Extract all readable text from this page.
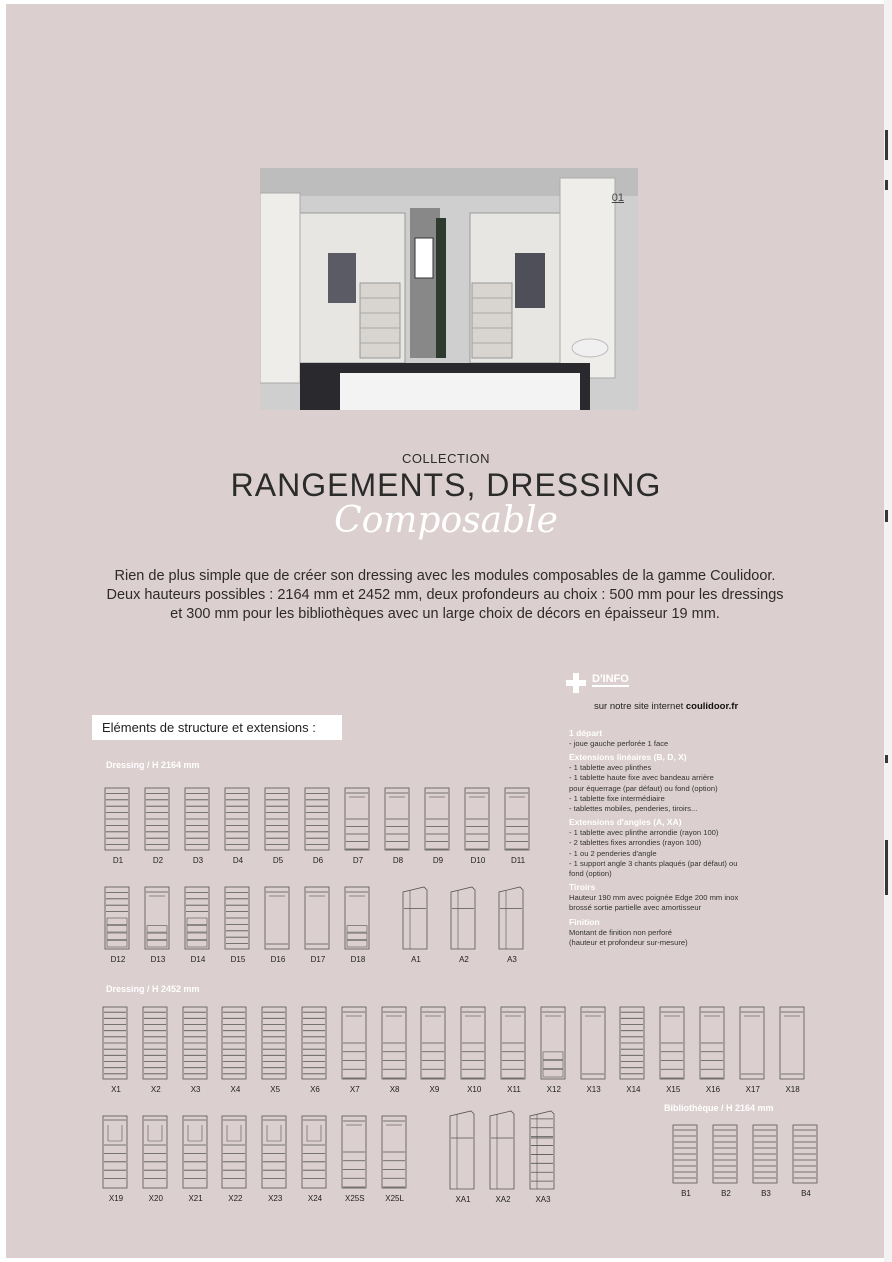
01
COLLECTION
RANGEMENTS, DRESSING
Composable

Rien de plus simple que de créer son dressing avec les modules composables de la gamme Coulidoor.

Deux hauteurs possibles : 2164 mm et 2452 mm, deux profondeurs au choix : 500 mm pour les dressings

et 300 mm pour les bibliothèques avec un large choix de décors en épaisseur 19 mm.

D'INFO
sur notre site internet coulidoor.fr
1 départ
- joue gauche perforée 1 face
Extensions linéaires (B, D, X)
- 1 tablette avec plinthes
- 1 tablette haute fixe avec bandeau arrière
pour équerrage (par défaut) ou fond (option)
- 1 tablette fixe intermédiaire
- tablettes mobiles, penderies, tiroirs...
Extensions d'angles (A, XA)
- 1 tablette avec plinthe arrondie (rayon 100)
- 2 tablettes fixes arrondies (rayon 100)
- 1 ou 2 penderies d'angle
- 1 support angle 3 chants plaqués (par défaut) ou
fond (option)
Tiroirs
Hauteur 190 mm avec poignée Edge 200 mm inox
brossé sortie partielle avec amortisseur
Finition
Montant de finition non perforé
(hauteur et profondeur sur-mesure)
Eléments de structure et extensions :
Dressing / H 2164 mm
Dressing / H 2452 mm
Bibliothèque / H 2164 mm
D1	D2	D3	D4	D5	D6	D7	D8	D9	D10	D11
D12	D13	D14	D15	D16	D17	D18	A1	A2	A3
X1	X2	X3	X4	X5	X6	X7	X8	X9	X10	X11	X12	X13	X14	X15	X16	X17	X18
X19	X20	X21	X22	X23	X24	X25S	X25L	XA1	XA2	XA3
B1	B2	B3	B4
